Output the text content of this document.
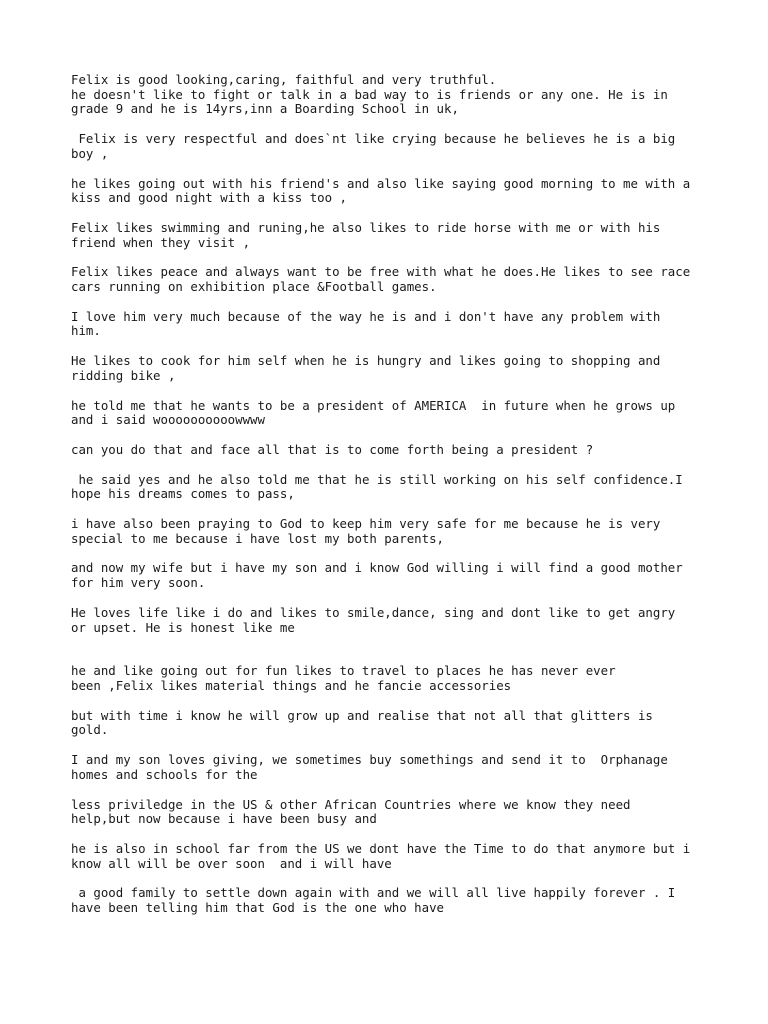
Felix is good looking,caring, faithful and very truthful.
he doesn't like to fight or talk in a bad way to is friends or any one. He is in
grade 9 and he is 14yrs,inn a Boarding School in uk,

Felix is very respectful and does`nt like crying because he believes he is a big
boy ,

he likes going out with his friend's and also like saying good morning to me with a
kiss and good night with a kiss too ,

Felix likes swimming and runing,he also likes to ride horse with me or with his
friend when they visit ,

Felix likes peace and always want to be free with what he does.He likes to see race
cars running on exhibition place &Football games.

I love him very much because of the way he is and i don't have any problem with
him.

He likes to cook for him self when he is hungry and likes going to shopping and
ridding bike ,

he told me that he wants to be a president of AMERICA  in future when he grows up
and i said woooooooooowwww

can you do that and face all that is to come forth being a president ?

he said yes and he also told me that he is still working on his self confidence.I
hope his dreams comes to pass,

i have also been praying to God to keep him very safe for me because he is very
special to me because i have lost my both parents,

and now my wife but i have my son and i know God willing i will find a good mother
for him very soon.

He loves life like i do and likes to smile,dance, sing and dont like to get angry
or upset. He is honest like me

he and like going out for fun likes to travel to places he has never ever
been ,Felix likes material things and he fancie accessories

but with time i know he will grow up and realise that not all that glitters is
gold.

I and my son loves giving, we sometimes buy somethings and send it to  Orphanage
homes and schools for the

less priviledge in the US & other African Countries where we know they need
help,but now because i have been busy and

he is also in school far from the US we dont have the Time to do that anymore but i
know all will be over soon  and i will have

a good family to settle down again with and we will all live happily forever . I
have been telling him that God is the one who have
